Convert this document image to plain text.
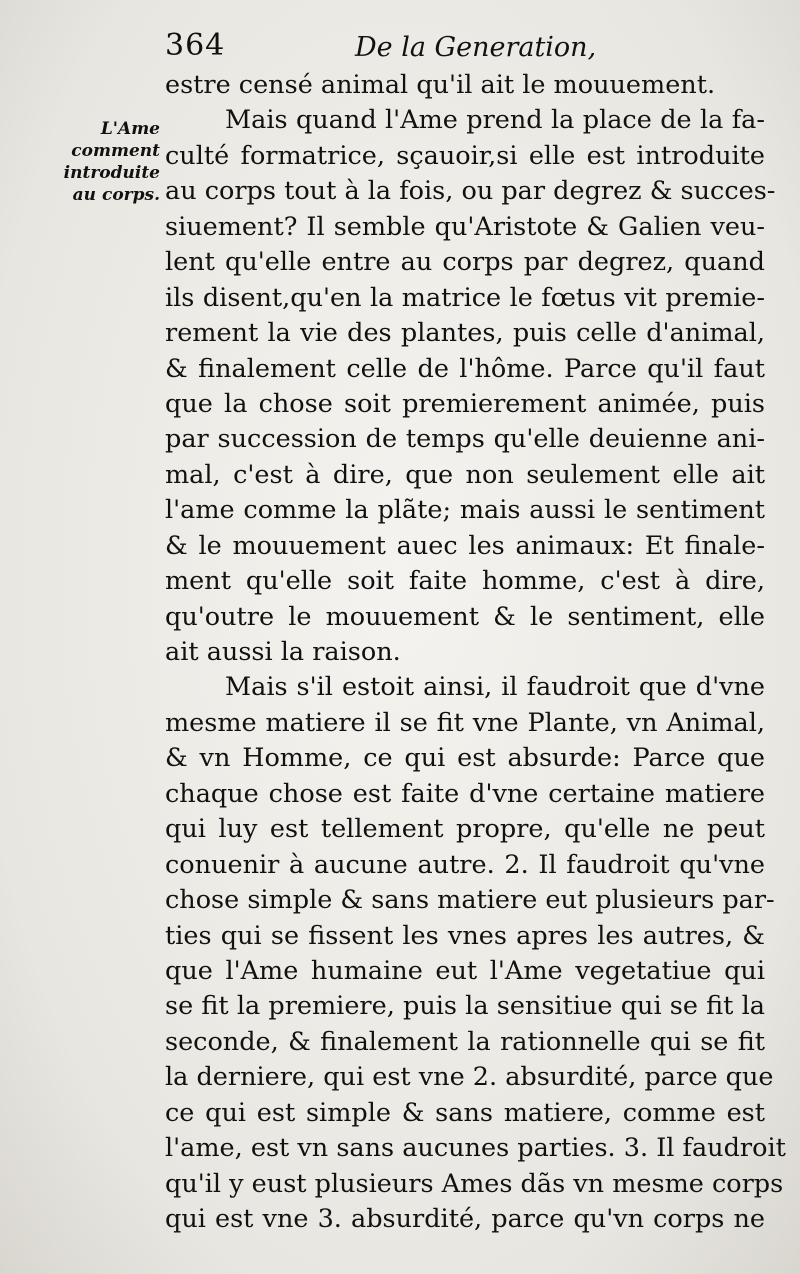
364	De la Generation,
L'Ame
comment
introduite
au corps.
estre censé animal qu'il ait le mouuement.
Mais quand l'Ame prend la place de la fa-
culté formatrice, sçauoir,si elle est introduite
au corps tout à la fois, ou par degrez & succes-
siuement? Il semble qu'Aristote & Galien veu-
lent qu'elle entre au corps par degrez, quand
ils disent,qu'en la matrice le fœtus vit premie-
rement la vie des plantes, puis celle d'animal,
& finalement celle de l'hôme. Parce qu'il faut
que la chose soit premierement animée, puis
par succession de temps qu'elle deuienne ani-
mal, c'est à dire, que non seulement elle ait
l'ame comme la plãte; mais aussi le sentiment
& le mouuement auec les animaux: Et finale-
ment qu'elle soit faite homme, c'est à dire,
qu'outre le mouuement & le sentiment, elle
ait aussi la raison.
Mais s'il estoit ainsi, il faudroit que d'vne
mesme matiere il se fit vne Plante, vn Animal,
& vn Homme, ce qui est absurde: Parce que
chaque chose est faite d'vne certaine matiere
qui luy est tellement propre, qu'elle ne peut
conuenir à aucune autre. 2. Il faudroit qu'vne
chose simple & sans matiere eut plusieurs par-
ties qui se fissent les vnes apres les autres, &
que l'Ame humaine eut l'Ame vegetatiue qui
se fit la premiere, puis la sensitiue qui se fit la
seconde, & finalement la rationnelle qui se fit
la derniere, qui est vne 2. absurdité, parce que
ce qui est simple & sans matiere, comme est
l'ame, est vn sans aucunes parties. 3. Il faudroit
qu'il y eust plusieurs Ames dãs vn mesme corps
qui est vne 3. absurdité, parce qu'vn corps ne
